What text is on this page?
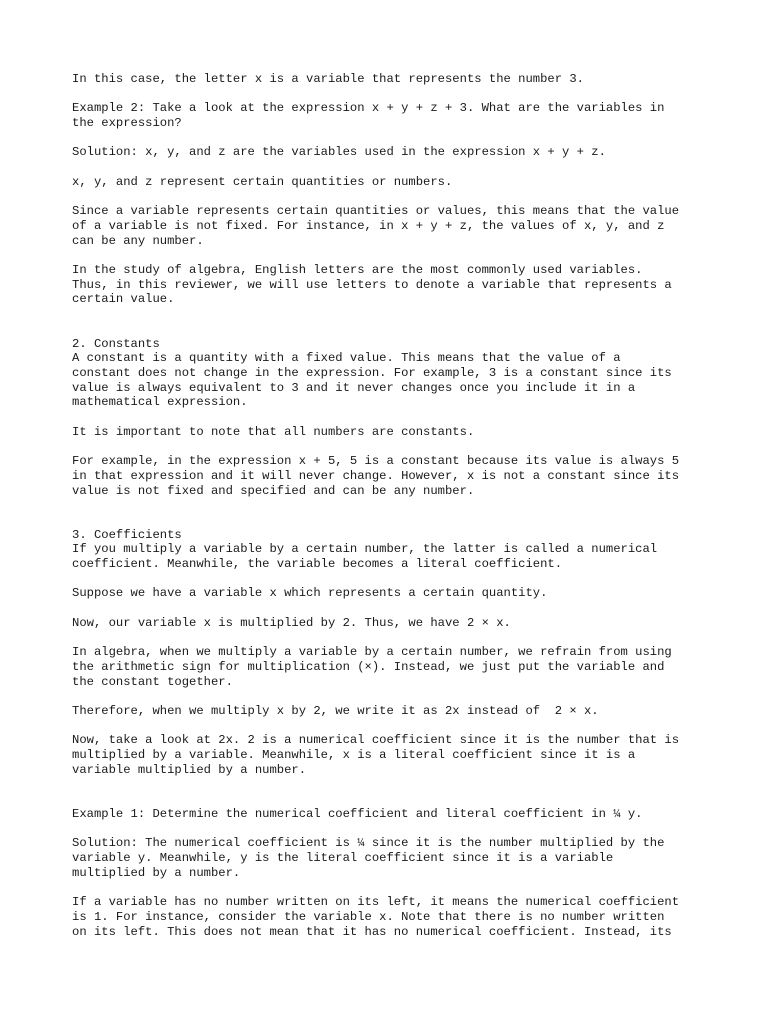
In this case, the letter x is a variable that represents the number 3.

Example 2: Take a look at the expression x + y + z + 3. What are the variables in
the expression?

Solution: x, y, and z are the variables used in the expression x + y + z.

x, y, and z represent certain quantities or numbers.

Since a variable represents certain quantities or values, this means that the value
of a variable is not fixed. For instance, in x + y + z, the values of x, y, and z
can be any number.

In the study of algebra, English letters are the most commonly used variables.
Thus, in this reviewer, we will use letters to denote a variable that represents a
certain value.

2. Constants
A constant is a quantity with a fixed value. This means that the value of a
constant does not change in the expression. For example, 3 is a constant since its
value is always equivalent to 3 and it never changes once you include it in a
mathematical expression.

It is important to note that all numbers are constants.

For example, in the expression x + 5, 5 is a constant because its value is always 5
in that expression and it will never change. However, x is not a constant since its
value is not fixed and specified and can be any number.

3. Coefficients
If you multiply a variable by a certain number, the latter is called a numerical
coefficient. Meanwhile, the variable becomes a literal coefficient.

Suppose we have a variable x which represents a certain quantity.

Now, our variable x is multiplied by 2. Thus, we have 2 × x.

In algebra, when we multiply a variable by a certain number, we refrain from using
the arithmetic sign for multiplication (×). Instead, we just put the variable and
the constant together.

Therefore, when we multiply x by 2, we write it as 2x instead of  2 × x.

Now, take a look at 2x. 2 is a numerical coefficient since it is the number that is
multiplied by a variable. Meanwhile, x is a literal coefficient since it is a
variable multiplied by a number.

Example 1: Determine the numerical coefficient and literal coefficient in ¼ y.

Solution: The numerical coefficient is ¼ since it is the number multiplied by the
variable y. Meanwhile, y is the literal coefficient since it is a variable
multiplied by a number.

If a variable has no number written on its left, it means the numerical coefficient
is 1. For instance, consider the variable x. Note that there is no number written
on its left. This does not mean that it has no numerical coefficient. Instead, its
